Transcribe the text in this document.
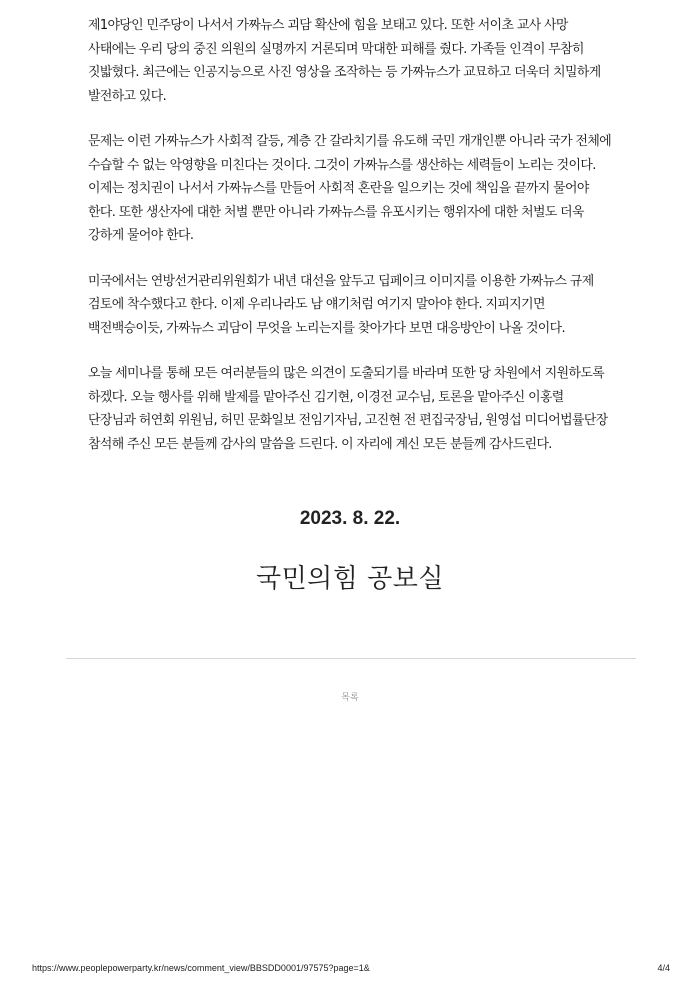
제1야당인 민주당이 나서서 가짜뉴스 괴담 확산에 힘을 보태고 있다. 또한 서이초 교사 사망 사태에는 우리 당의 중진 의원의 실명까지 거론되며 막대한 피해를 줬다. 가족들 인격이 무참히 짓밟혔다. 최근에는 인공지능으로 사진 영상을 조작하는 등 가짜뉴스가 교묘하고 더욱더 치밀하게 발전하고 있다.

문제는 이런 가짜뉴스가 사회적 갈등, 계층 간 갈라치기를 유도해 국민 개개인뿐 아니라 국가 전체에 수습할 수 없는 악영향을 미친다는 것이다. 그것이 가짜뉴스를 생산하는 세력들이 노리는 것이다. 이제는 정치권이 나서서 가짜뉴스를 만들어 사회적 혼란을 일으키는 것에 책임을 끝까지 물어야 한다. 또한 생산자에 대한 처벌 뿐만 아니라 가짜뉴스를 유포시키는 행위자에 대한 처벌도 더욱 강하게 물어야 한다.

미국에서는 연방선거관리위원회가 내년 대선을 앞두고 딥페이크 이미지를 이용한 가짜뉴스 규제 검토에 착수했다고 한다. 이제 우리나라도 남 얘기처럼 여기지 말아야 한다. 지피지기면 백전백승이듯, 가짜뉴스 괴담이 무엇을 노리는지를 찾아가다 보면 대응방안이 나올 것이다.

오늘 세미나를 통해 모든 여러분들의 많은 의견이 도출되기를 바라며 또한 당 차원에서 지원하도록 하겠다. 오늘 행사를 위해 발제를 맡아주신 김기현, 이경전 교수님, 토론을 맡아주신 이홍렬 단장님과 허연회 위원님, 허민 문화일보 전임기자님, 고진현 전 편집국장님, 원영섭 미디어법률단장 참석해 주신 모든 분들께 감사의 말씀을 드린다. 이 자리에 계신 모든 분들께 감사드린다.

2023. 8. 22.
국민의힘 공보실
목록
https://www.peoplepowerparty.kr/news/comment_view/BBSDD0001/97575?page=1&	4/4
